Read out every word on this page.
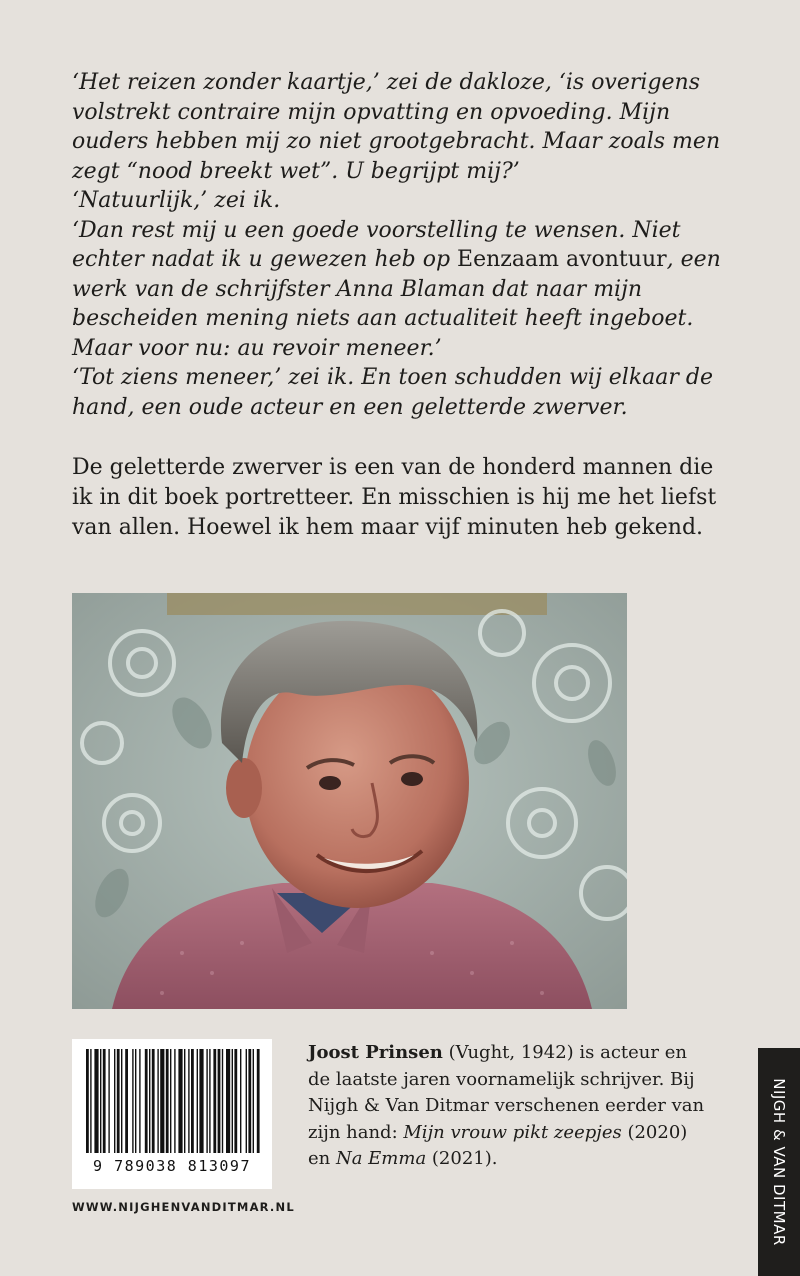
‘Het reizen zonder kaartje,’ zei de dakloze, ‘is overigens volstrekt contraire mijn opvatting en opvoeding. Mijn ouders hebben mij zo niet grootgebracht. Maar zoals men zegt “nood breekt wet”. U begrijpt mij?’

‘Natuurlijk,’ zei ik.

‘Dan rest mij u een goede voorstelling te wensen. Niet echter nadat ik u gewezen heb op Eenzaam avontuur, een werk van de schrijfster Anna Blaman dat naar mijn bescheiden mening niets aan actualiteit heeft ingeboet. Maar voor nu: au revoir meneer.’

‘Tot ziens meneer,’ zei ik. En toen schudden wij elkaar de hand, een oude acteur en een geletterde zwerver.

De geletterde zwerver is een van de honderd mannen die ik in dit boek portretteer. En misschien is hij me het liefst van allen. Hoewel ik hem maar vijf minuten heb gekend.

9 789038 813097
WWW.NIJGHENVANDITMAR.NL

Joost Prinsen (Vught, 1942) is acteur en de laatste jaren voornamelijk schrijver. Bij Nijgh & Van Ditmar verschenen eerder van zijn hand: Mijn vrouw pikt zeepjes (2020) en Na Emma (2021).	NIJGH & VAN DITMAR
